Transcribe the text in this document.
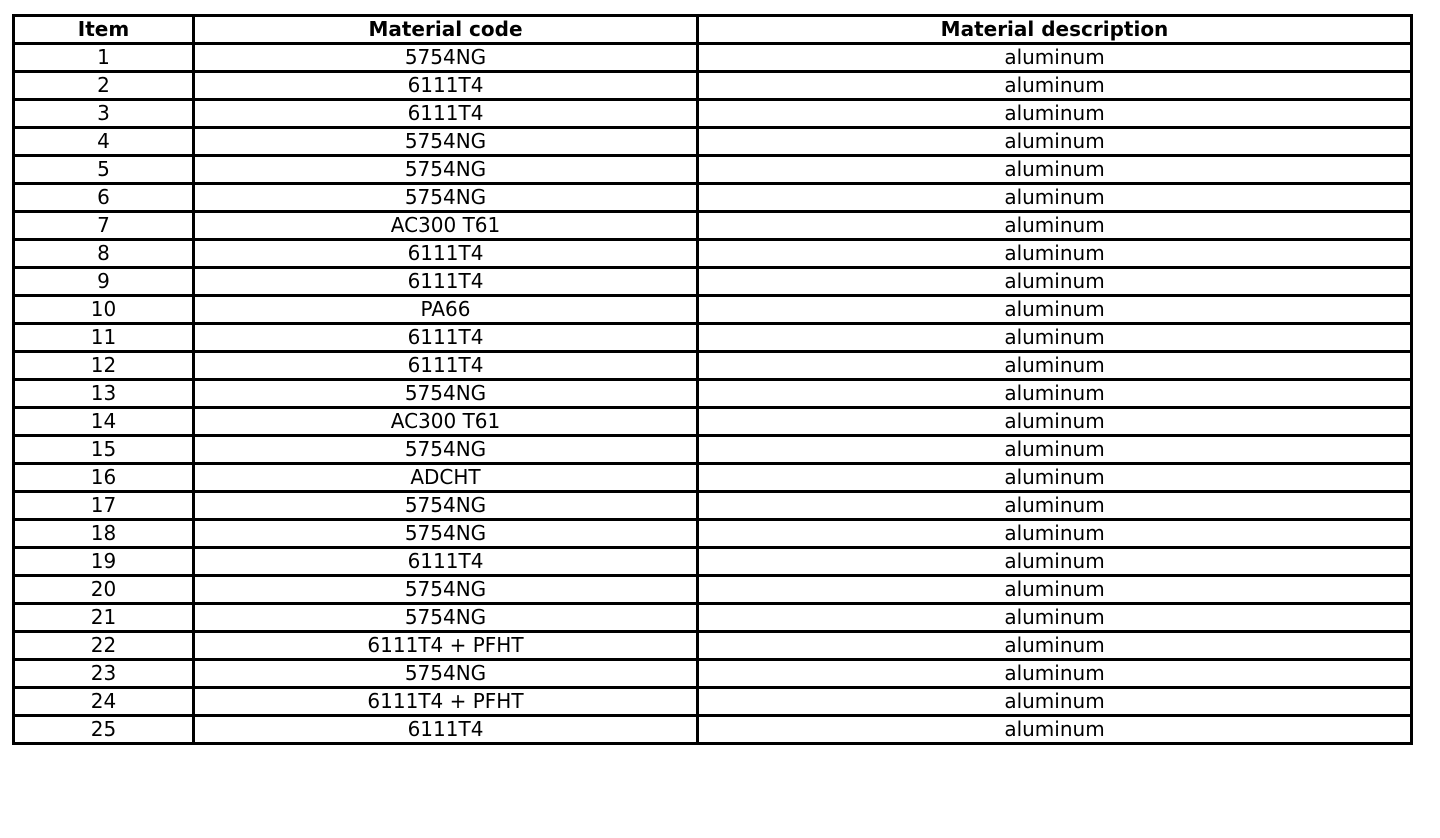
Item	Material code	Material description
1	5754NG	aluminum
2	6111T4	aluminum
3	6111T4	aluminum
4	5754NG	aluminum
5	5754NG	aluminum
6	5754NG	aluminum
7	AC300 T61	aluminum
8	6111T4	aluminum
9	6111T4	aluminum
10	PA66	aluminum
11	6111T4	aluminum
12	6111T4	aluminum
13	5754NG	aluminum
14	AC300 T61	aluminum
15	5754NG	aluminum
16	ADCHT	aluminum
17	5754NG	aluminum
18	5754NG	aluminum
19	6111T4	aluminum
20	5754NG	aluminum
21	5754NG	aluminum
22	6111T4 + PFHT	aluminum
23	5754NG	aluminum
24	6111T4 + PFHT	aluminum
25	6111T4	aluminum
